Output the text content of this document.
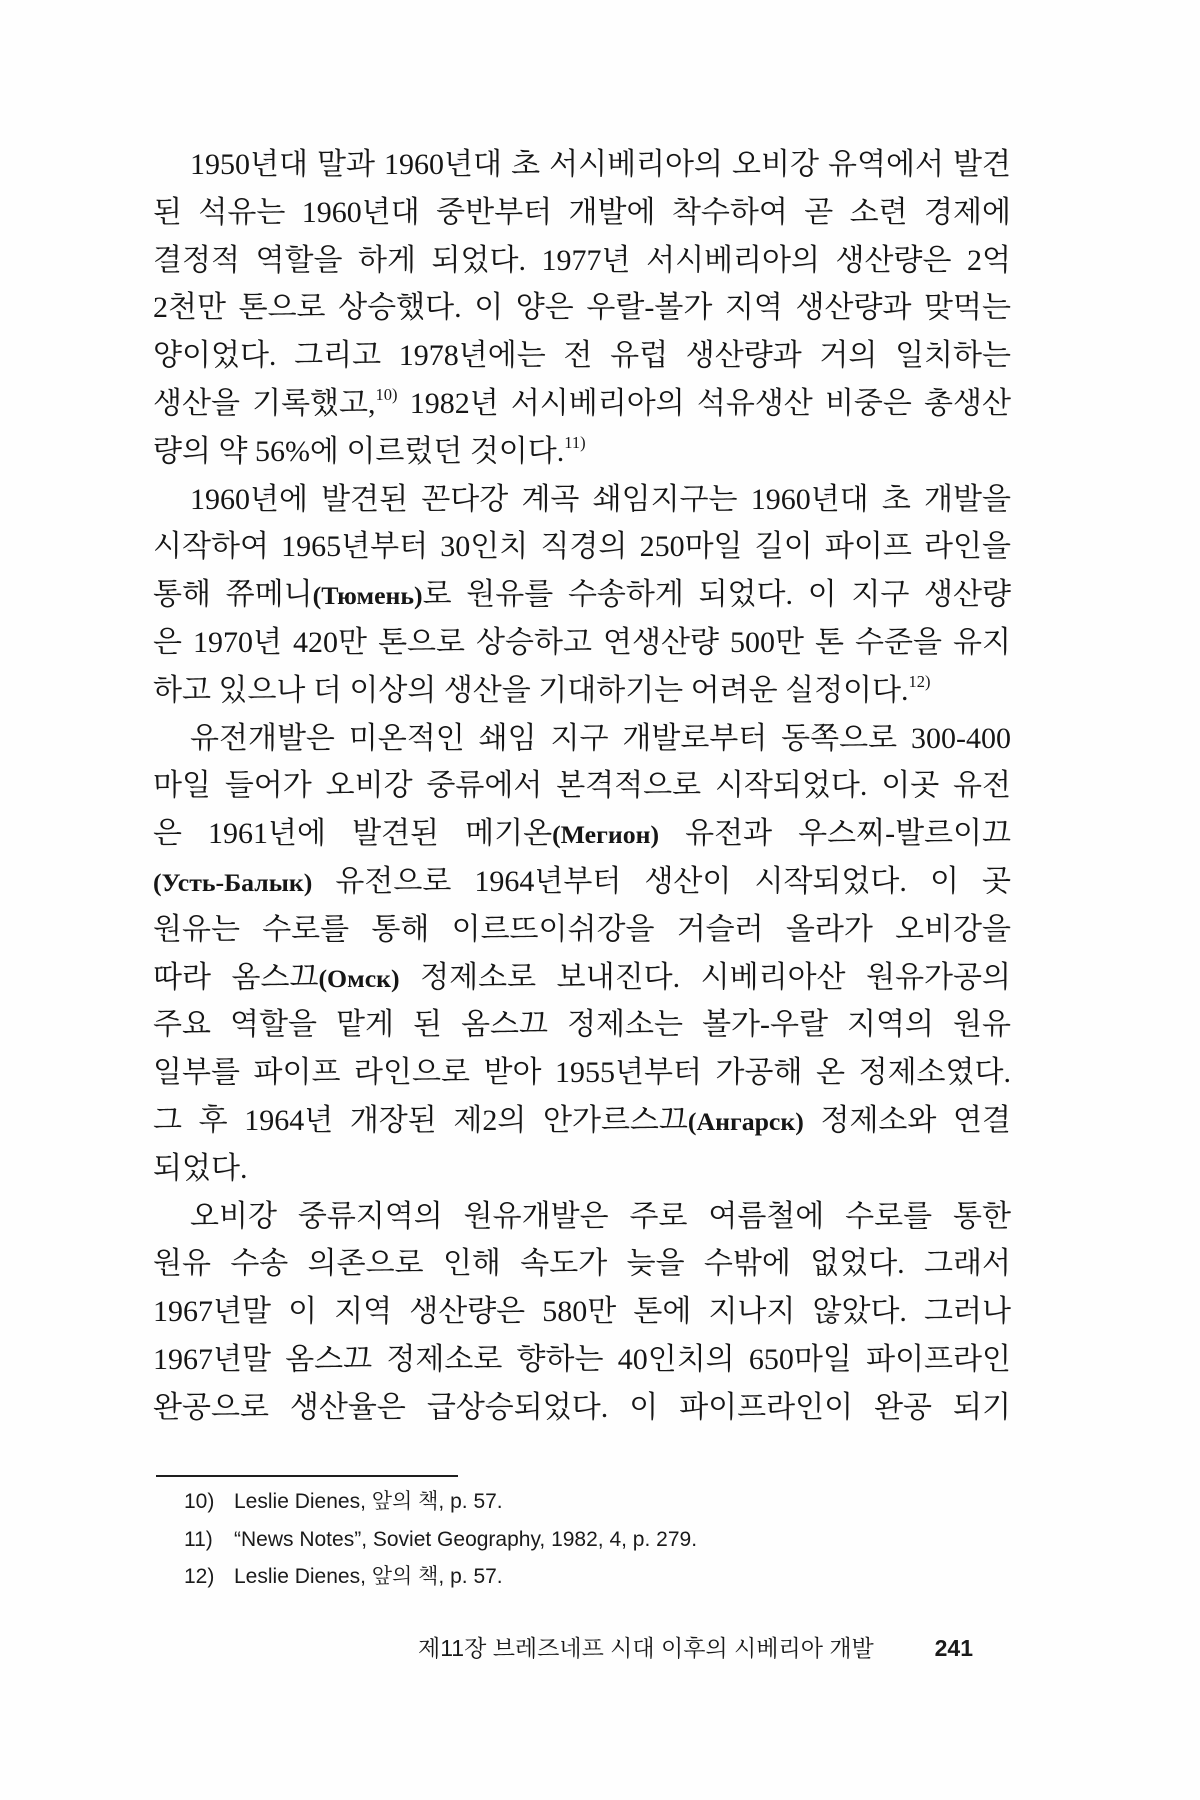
1950년대 말과 1960년대 초 서시베리아의 오비강 유역에서 발견
된 석유는 1960년대 중반부터 개발에 착수하여 곧 소련 경제에
결정적 역할을 하게 되었다. 1977년 서시베리아의 생산량은 2억
2천만 톤으로 상승했다. 이 양은 우랄-볼가 지역 생산량과 맞먹는
양이었다. 그리고 1978년에는 전 유럽 생산량과 거의 일치하는
생산을 기록했고,$^{10)}$ 1982년 서시베리아의 석유생산 비중은 총생산
량의 약 56%에 이르렀던 것이다.$^{11)}$
1960년에 발견된 꼰다강 계곡 쇄임지구는 1960년대 초 개발을
시작하여 1965년부터 30인치 직경의 250마일 길이 파이프 라인을
통해 쮸메니(Тюмень)로 원유를 수송하게 되었다. 이 지구 생산량
은 1970년 420만 톤으로 상승하고 연생산량 500만 톤 수준을 유지
하고 있으나 더 이상의 생산을 기대하기는 어려운 실정이다.$^{12)}$
유전개발은 미온적인 쇄임 지구 개발로부터 동쪽으로 300-400
마일 들어가 오비강 중류에서 본격적으로 시작되었다. 이곳 유전
은 1961년에 발견된 메기온(Мегион) 유전과 우스찌-발르이끄
(Усть-Балык) 유전으로 1964년부터 생산이 시작되었다. 이 곳
원유는 수로를 통해 이르뜨이쉬강을 거슬러 올라가 오비강을
따라 옴스끄(Омск) 정제소로 보내진다. 시베리아산 원유가공의
주요 역할을 맡게 된 옴스끄 정제소는 볼가-우랄 지역의 원유
일부를 파이프 라인으로 받아 1955년부터 가공해 온 정제소였다.
그 후 1964년 개장된 제2의 안가르스끄(Ангарск) 정제소와 연결
되었다.
오비강 중류지역의 원유개발은 주로 여름철에 수로를 통한
원유 수송 의존으로 인해 속도가 늦을 수밖에 없었다. 그래서
1967년말 이 지역 생산량은 580만 톤에 지나지 않았다. 그러나
1967년말 옴스끄 정제소로 향하는 40인치의 650마일 파이프라인
완공으로 생산율은 급상승되었다. 이 파이프라인이 완공 되기
10) Leslie Dienes, 앞의 책, p. 57.
11)	“News Notes”, Soviet Geography, 1982, 4, p. 279.
12) Leslie Dienes, 앞의 책, p. 57.
제11장 브레즈네프 시대 이후의 시베리아 개발	241
